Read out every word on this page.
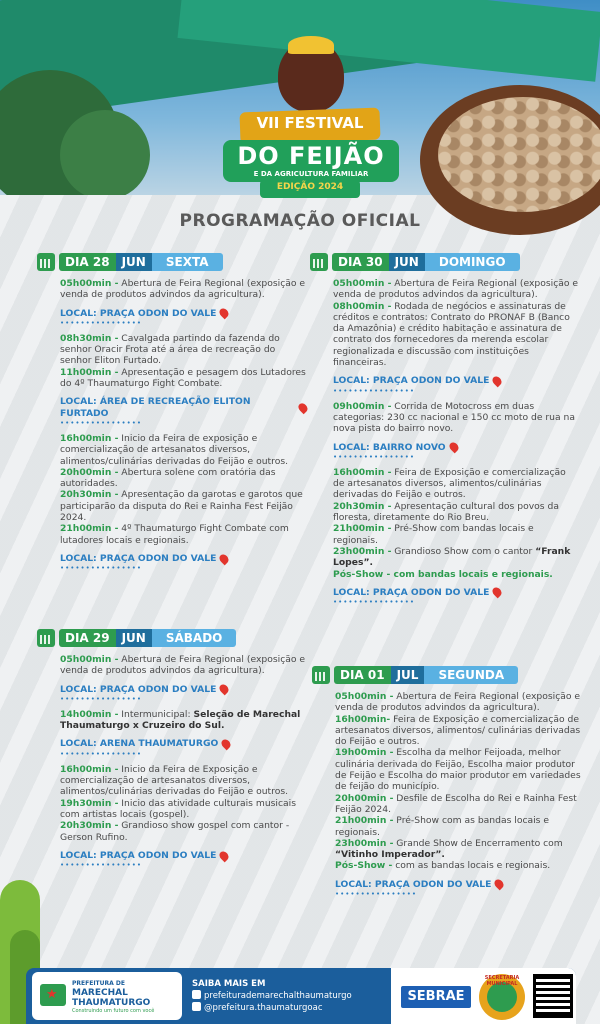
VII FESTIVAL
DO FEIJÃO
E DA AGRICULTURA FAMILIAR
EDIÇÃO 2024
PROGRAMAÇÃO OFICIAL
DIA 28	JUN	SEXTA
05h00min - Abertura de Feira Regional (exposição e venda de produtos advindos da agricultura).
LOCAL: PRAÇA ODON DO VALE
••••••••••••••••
08h30min - Cavalgada partindo da fazenda do senhor Oracir Frota até a área de recreação do senhor Eliton Furtado.
11h00min - Apresentação e pesagem dos Lutadores do 4º Thaumaturgo Fight Combate.
LOCAL: ÁREA DE RECREAÇÃO ELITON FURTADO
••••••••••••••••
16h00min - Inicio da Feira de exposição e comercialização de artesanatos diversos, alimentos/culinárias derivadas do Feijão e outros.
20h00min - Abertura solene com oratória das autoridades.
20h30min - Apresentação da garotas e garotos que participarão da disputa do Rei e Rainha Fest Feijão 2024.
21h00min - 4º Thaumaturgo Fight Combate com lutadores locais e regionais.
LOCAL: PRAÇA ODON DO VALE
••••••••••••••••
DIA 29	JUN	SÁBADO
05h00min - Abertura de Feira Regional (exposição e venda de produtos advindos da agricultura).
LOCAL: PRAÇA ODON DO VALE
••••••••••••••••
14h00min - Intermunicipal: Seleção de Marechal Thaumaturgo x Cruzeiro do Sul.
LOCAL: ARENA THAUMATURGO
••••••••••••••••
16h00min - Inicio da Feira de Exposição e comercialização de artesanatos diversos, alimentos/culinárias derivadas do Feijão e outros.
19h30min - Inicio das atividade culturais musicais com artistas locais (gospel).
20h30min - Grandioso show gospel com cantor - Gerson Rufino.
LOCAL: PRAÇA ODON DO VALE
••••••••••••••••
DIA 30	JUN	DOMINGO
05h00min - Abertura de Feira Regional (exposição e venda de produtos advindos da agricultura).
08h00min - Rodada de negócios e assinaturas de créditos e contratos: Contrato do PRONAF B (Banco da Amazônia) e crédito habitação e assinatura de contrato dos fornecedores da merenda escolar regionalizada e discussão com instituições financeiras.
LOCAL: PRAÇA ODON DO VALE
••••••••••••••••
09h00min - Corrida de Motocross em duas categorias: 230 cc nacional e 150 cc moto de rua na nova pista do bairro novo.
LOCAL: BAIRRO NOVO
••••••••••••••••
16h00min - Feira de Exposição e comercialização de artesanatos diversos, alimentos/culinárias derivadas do Feijão e outros.
20h30min - Apresentação cultural dos povos da floresta, diretamente do Rio Breu.
21h00min - Pré-Show com bandas locais e regionais.
23h00min - Grandioso Show com o cantor “Frank Lopes”.
Pós-Show - com bandas locais e regionais.
LOCAL: PRAÇA ODON DO VALE
••••••••••••••••
DIA 01	JUL	SEGUNDA
05h00min - Abertura de Feira Regional (exposição e venda de produtos advindos da agricultura).
16h00min- Feira de Exposição e comercialização de artesanatos diversos, alimentos/ culinárias derivadas do Feijão e outros.
19h00min - Escolha da melhor Feijoada, melhor culinária derivada do Feijão, Escolha maior produtor de Feijão e Escolha do maior produtor em variedades de feijão do município.
20h00min - Desfile de Escolha do Rei e Rainha Fest Feijão 2024.
21h00min - Pré-Show com as bandas locais e regionais.
23h00min - Grande Show de Encerramento com “Vitinho Imperador”.
Pós-Show - com as bandas locais e regionais.
LOCAL: PRAÇA ODON DO VALE
••••••••••••••••
★
PREFEITURA DE
MARECHAL THAUMATURGO
Construindo um futuro com você
SAIBA MAIS EM
prefeiturademarechalthaumaturgo
@prefeitura.thaumaturgoac
SEBRAE
SECRETARIA MUNICIPAL
